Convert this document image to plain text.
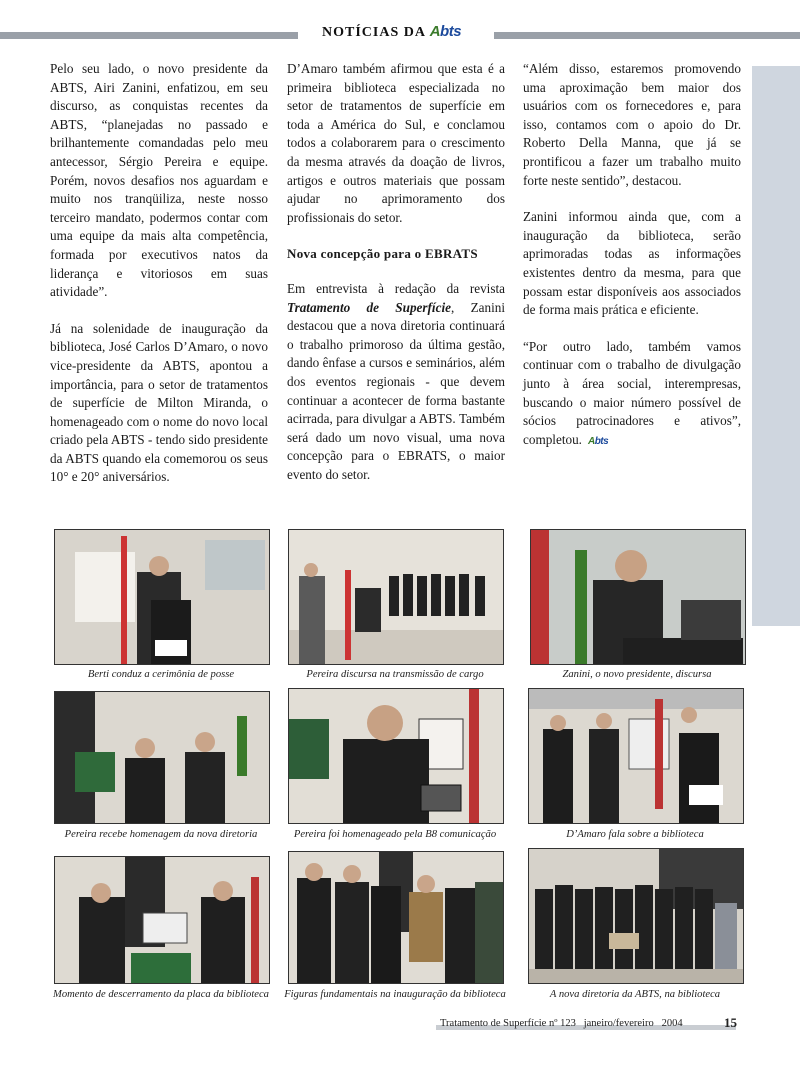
NOTÍCIAS DA Abts

Pelo seu lado, o novo presidente da ABTS, Airi Zanini, enfatizou, em seu discurso, as conquistas recentes da ABTS, “planejadas no passado e brilhantemente comandadas pelo meu antecessor, Sérgio Pereira e equipe. Porém, novos desafios nos aguardam e muito nos tranqüiliza, neste nosso terceiro mandato, podermos contar com uma equipe da mais alta competência, formada por executivos natos da liderança e vitoriosos em suas atividade”.

Já na solenidade de inauguração da biblioteca, José Carlos D’Amaro, o novo vice-presidente da ABTS, apontou a importância, para o setor de tratamentos de superfície de Milton Miranda, o homenageado com o nome do novo local criado pela ABTS - tendo sido presidente da ABTS quando ela comemorou os seus 10° e 20° aniversários.

D’Amaro também afirmou que esta é a primeira biblioteca especializada no setor de tratamentos de superfície em toda a América do Sul, e conclamou todos a colaborarem para o crescimento da mesma através da doação de livros, artigos e outros materiais que possam ajudar no aprimoramento dos profissionais do setor.

Nova concepção para o EBRATS

Em entrevista à redação da revista Tratamento de Superfície, Zanini destacou que a nova diretoria continuará o trabalho primoroso da última gestão, dando ênfase a cursos e seminários, além dos eventos regionais - que devem continuar a acontecer de forma bastante acirrada, para divulgar a ABTS. Também será dado um novo visual, uma nova concepção para o EBRATS, o maior evento do setor.

“Além disso, estaremos promovendo uma aproximação bem maior dos usuários com os fornecedores e, para isso, contamos com o apoio do Dr. Roberto Della Manna, que já se prontificou a fazer um trabalho muito forte neste sentido”, destacou.

Zanini informou ainda que, com a inauguração da biblioteca, serão aprimoradas todas as informações existentes dentro da mesma, para que possam estar disponíveis aos associados de forma mais prática e eficiente.

“Por outro lado, também vamos continuar com o trabalho de divulgação junto à área social, interempresas, buscando o maior número possível de sócios patrocinadores e ativos”, completou. Abts

Berti conduz a cerimônia de posse	Pereira discursa na transmissão de cargo	Zanini, o novo presidente, discursa
Pereira recebe homenagem da nova diretoria	Pereira foi homenageado pela B8 comunicação	D’Amaro fala sobre a biblioteca
Momento de descerramento da placa da biblioteca	Figuras fundamentais na inauguração da biblioteca	A nova diretoria da ABTS, na biblioteca
Tratamento de Superfície nº 123 janeiro/fevereiro 2004	15
